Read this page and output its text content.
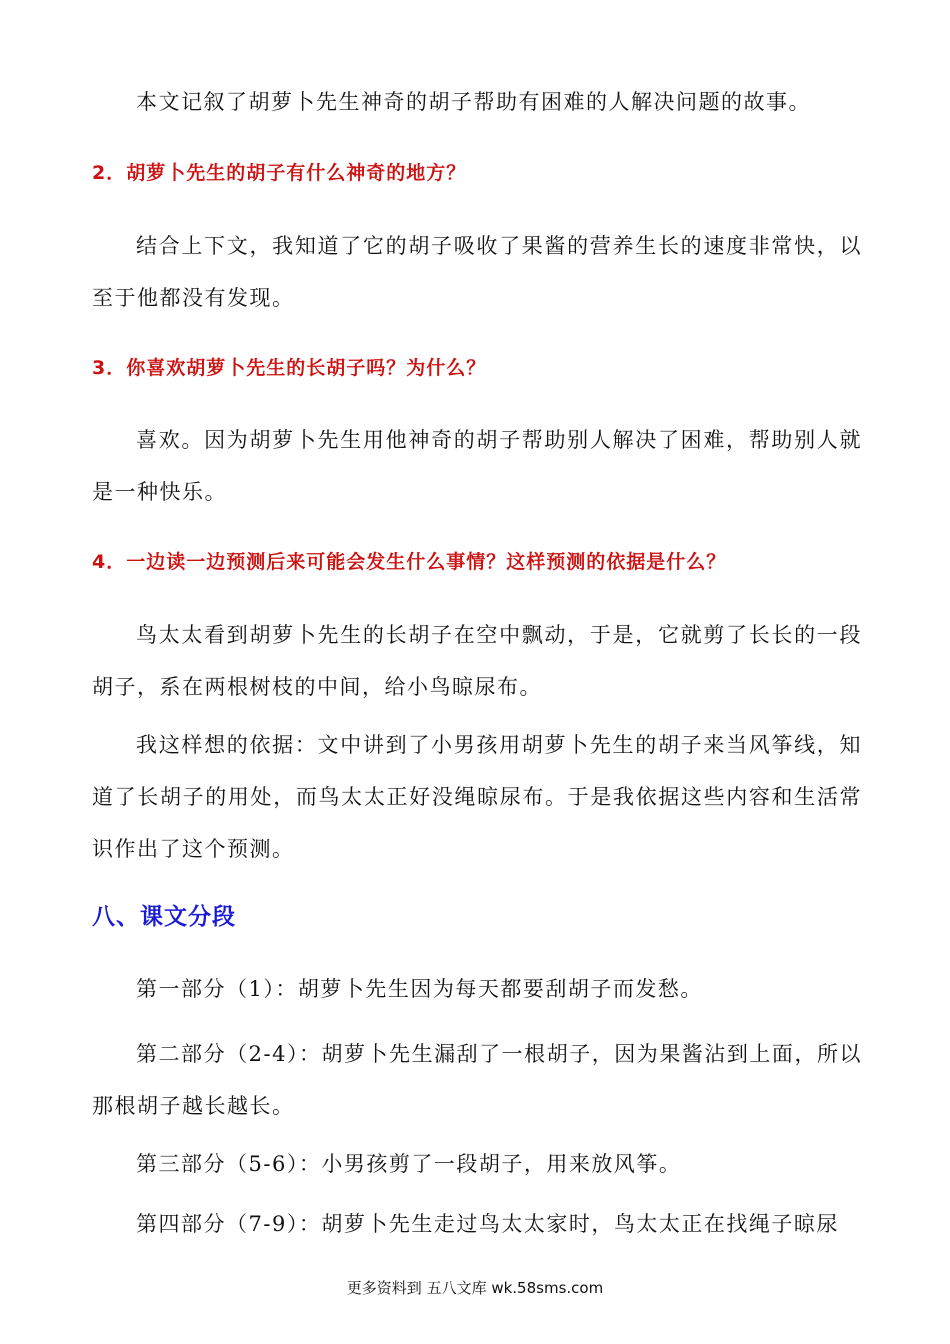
本文记叙了胡萝卜先生神奇的胡子帮助有困难的人解决问题的故事。

2．胡萝卜先生的胡子有什么神奇的地方？

结合上下文，我知道了它的胡子吸收了果酱的营养生长的速度非常快，以至于他都没有发现。

3．你喜欢胡萝卜先生的长胡子吗？为什么？

喜欢。因为胡萝卜先生用他神奇的胡子帮助别人解决了困难，帮助别人就是一种快乐。

4．一边读一边预测后来可能会发生什么事情？这样预测的依据是什么？

鸟太太看到胡萝卜先生的长胡子在空中飘动，于是，它就剪了长长的一段胡子，系在两根树枝的中间，给小鸟晾尿布。

我这样想的依据：文中讲到了小男孩用胡萝卜先生的胡子来当风筝线，知道了长胡子的用处，而鸟太太正好没绳晾尿布。于是我依据这些内容和生活常识作出了这个预测。

八、课文分段

第一部分（1）：胡萝卜先生因为每天都要刮胡子而发愁。

第二部分（2-4）：胡萝卜先生漏刮了一根胡子，因为果酱沾到上面，所以那根胡子越长越长。

第三部分（5-6）：小男孩剪了一段胡子，用来放风筝。

第四部分（7-9）：胡萝卜先生走过鸟太太家时，鸟太太正在找绳子晾尿

更多资料到 五八文库 wk.58sms.com
